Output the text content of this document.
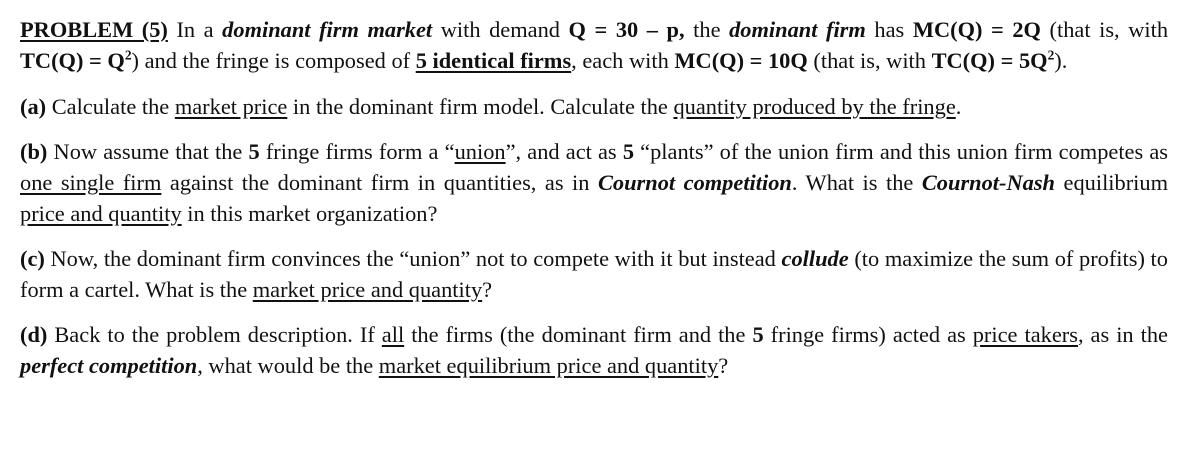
PROBLEM (5) In a dominant firm market with demand Q = 30 – p, the dominant firm has MC(Q) = 2Q (that is, with $TC(Q) = Q^2$) and the fringe is composed of 5 identical firms, each with MC(Q) = 10Q (that is, with $TC(Q) = 5Q^2$).

(a) Calculate the market price in the dominant firm model. Calculate the quantity produced by the fringe.

(b) Now assume that the 5 fringe firms form a “union”, and act as 5 “plants” of the union firm and this union firm competes as one single firm against the dominant firm in quantities, as in Cournot competition. What is the Cournot-Nash equilibrium price and quantity in this market organization?

(c) Now, the dominant firm convinces the “union” not to compete with it but instead collude (to maximize the sum of profits) to form a cartel. What is the market price and quantity?

(d) Back to the problem description. If all the firms (the dominant firm and the 5 fringe firms) acted as price takers, as in the perfect competition, what would be the market equilibrium price and quantity?
